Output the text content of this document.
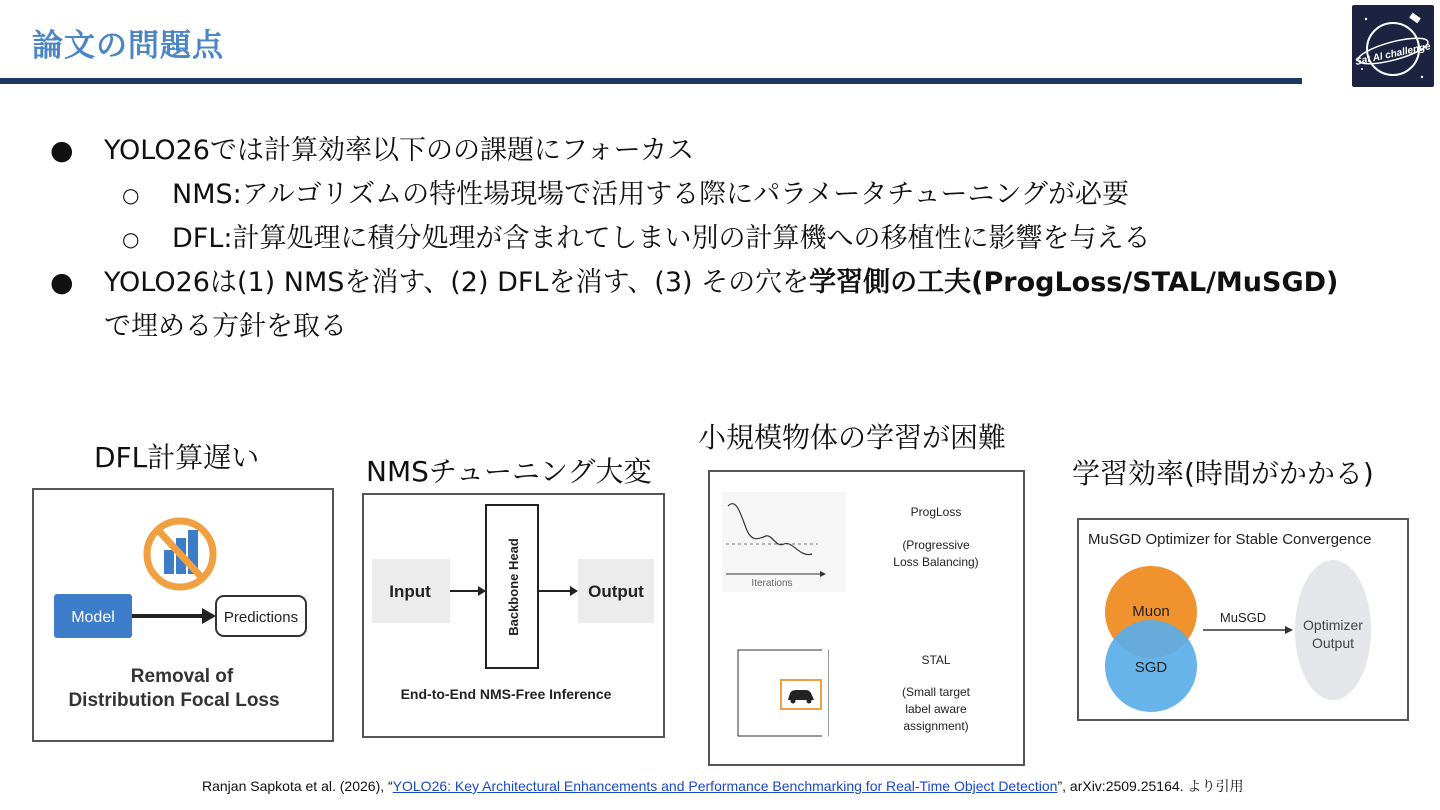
論文の問題点	Sat AI challenge
● YOLO26では計算効率以下のの課題にフォーカス
○ NMS:アルゴリズムの特性場現場で活用する際にパラメータチューニングが必要
○ DFL:計算処理に積分処理が含まれてしまい別の計算機への移植性に影響を与える
● YOLO26は(1) NMSを消す、(2) DFLを消す、(3) その穴を学習側の工夫(ProgLoss/STAL/MuSGD)
で埋める方針を取る
DFL計算遅い
Model	Predictions
Removal of
Distribution Focal Loss
NMSチューニング大変
Input	Backbone Head	Output
End-to-End NMS-Free Inference
小規模物体の学習が困難
Iterations
ProgLoss
(Progressive
Loss Balancing)
STAL
(Small target
label aware
assignment)
学習効率(時間がかかる)
MuSGD Optimizer for Stable Convergence
Muon
SGD
MuSGD	Optimizer
Output
Ranjan Sapkota et al. (2026), “YOLO26: Key Architectural Enhancements and Performance Benchmarking for Real-Time Object Detection”, arXiv:2509.25164. より引用
